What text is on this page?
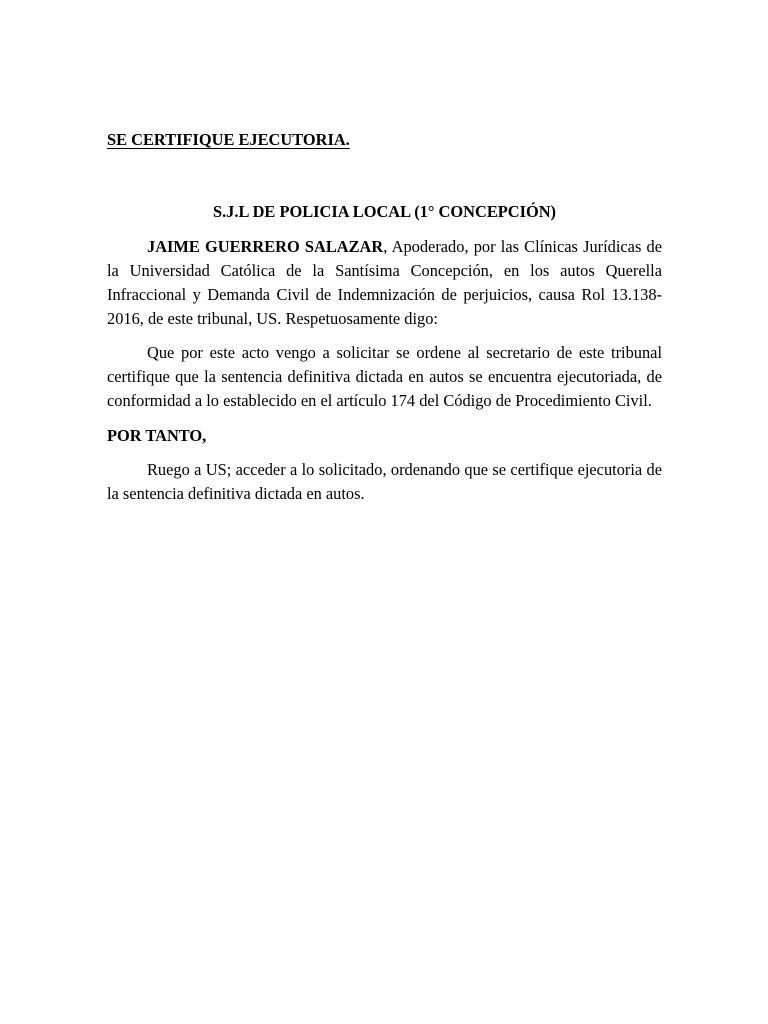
SE CERTIFIQUE EJECUTORIA.

S.J.L DE POLICIA LOCAL (1° CONCEPCIÓN)

JAIME GUERRERO SALAZAR, Apoderado, por las Clínicas Jurídicas de la Universidad Católica de la Santísima Concepción, en los autos Querella Infraccional y Demanda Civil de Indemnización de perjuicios, causa Rol 13.138-2016, de este tribunal, US. Respetuosamente digo:

Que por este acto vengo a solicitar se ordene al secretario de este tribunal certifique que la sentencia definitiva dictada en autos se encuentra ejecutoriada, de conformidad a lo establecido en el artículo 174 del Código de Procedimiento Civil.

POR TANTO,

Ruego a US; acceder a lo solicitado, ordenando que se certifique ejecutoria de la sentencia definitiva dictada en autos.
